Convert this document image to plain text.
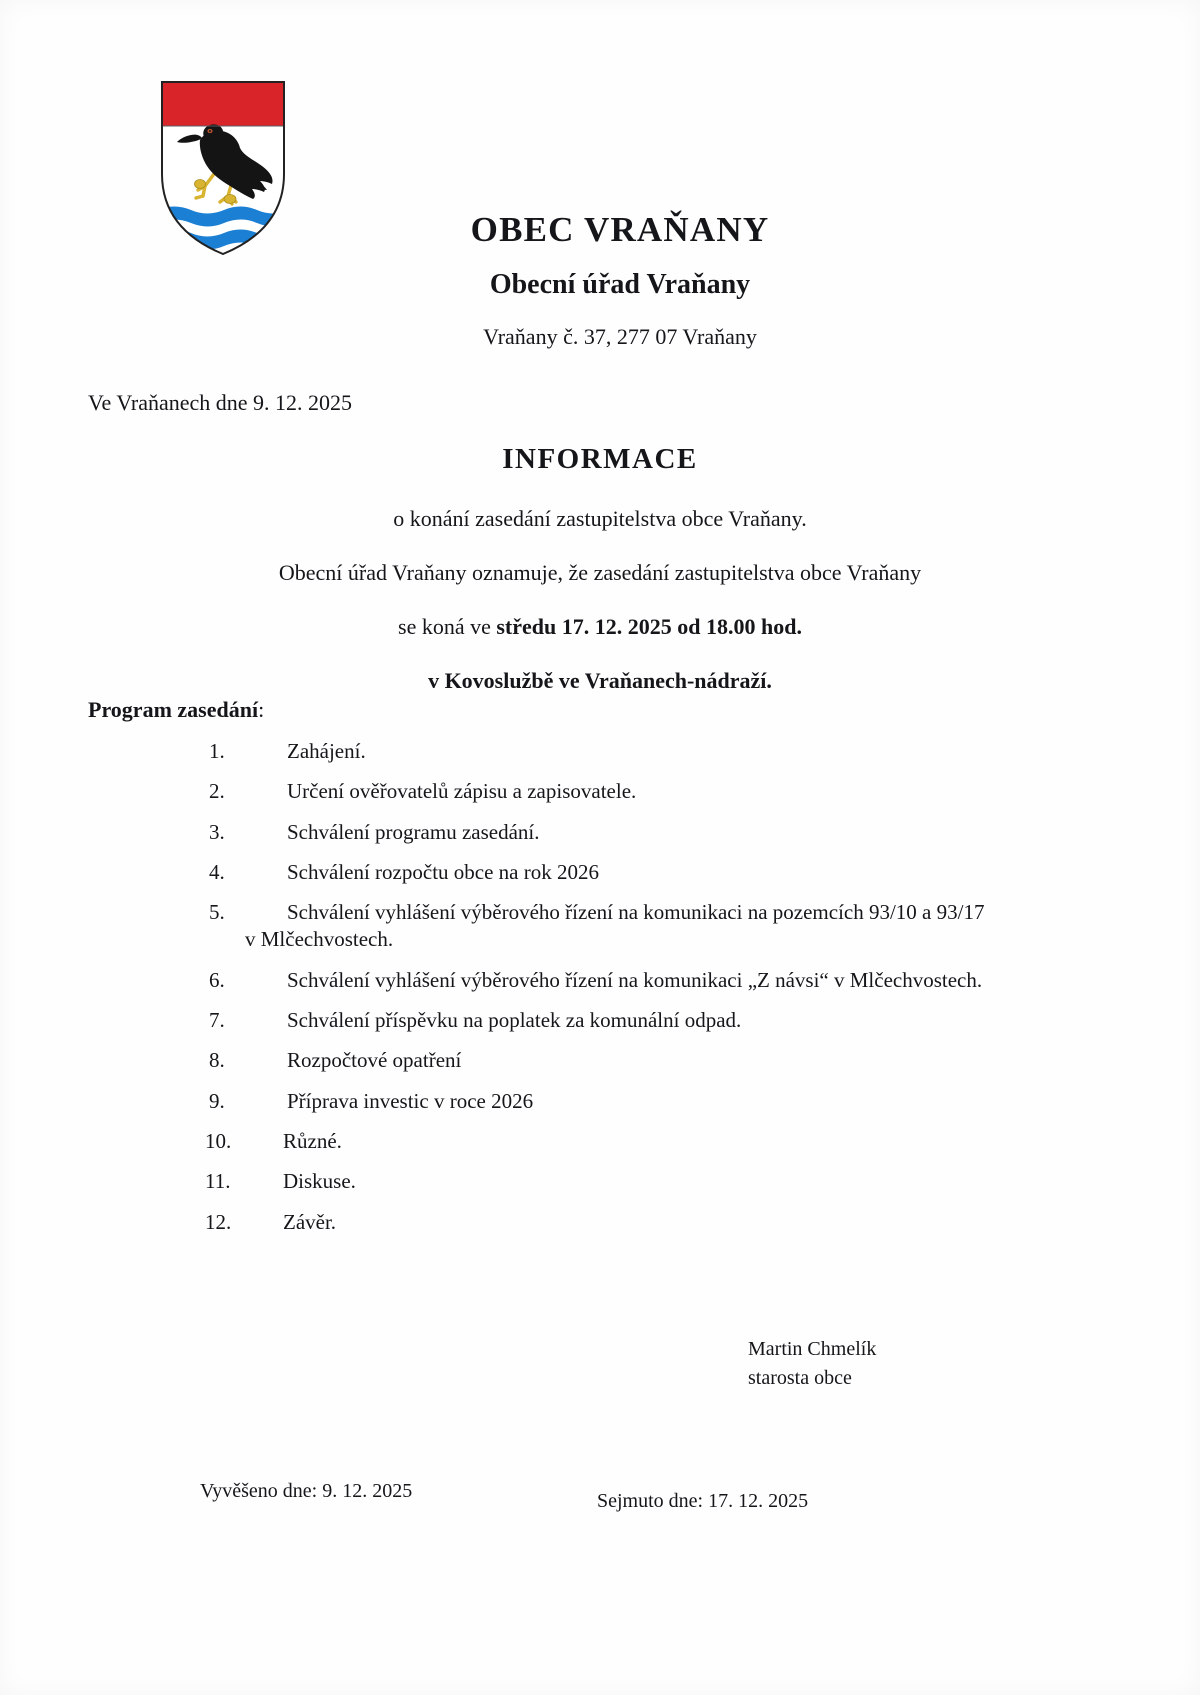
OBEC VRAŇANY
Obecní úřad Vraňany

Vraňany č. 37, 277 07 Vraňany

Ve Vraňanech dne 9. 12. 2025
INFORMACE

o konání zasedání zastupitelstva obce Vraňany.

Obecní úřad Vraňany oznamuje, že zasedání zastupitelstva obce Vraňany

se koná ve středu 17. 12. 2025 od 18.00 hod.

v Kovoslužbě ve Vraňanech-nádraží.

Program zasedání:
1.	Zahájení.
2.	Určení ověřovatelů zápisu a zapisovatele.
3.	Schválení programu zasedání.
4.	Schválení rozpočtu obce na rok 2026
5.	Schválení vyhlášení výběrového řízení na komunikaci na pozemcích 93/10 a 93/17
v Mlčechvostech.
6.	Schválení vyhlášení výběrového řízení na komunikaci „Z návsi“ v Mlčechvostech.
7.	Schválení příspěvku na poplatek za komunální odpad.
8.	Rozpočtové opatření
9.	Příprava investic v roce 2026
10.	Různé.
11.	Diskuse.
12.	Závěr.
Martin Chmelík
starosta obce
Vyvěšeno dne: 9. 12. 2025	Sejmuto dne: 17. 12. 2025
